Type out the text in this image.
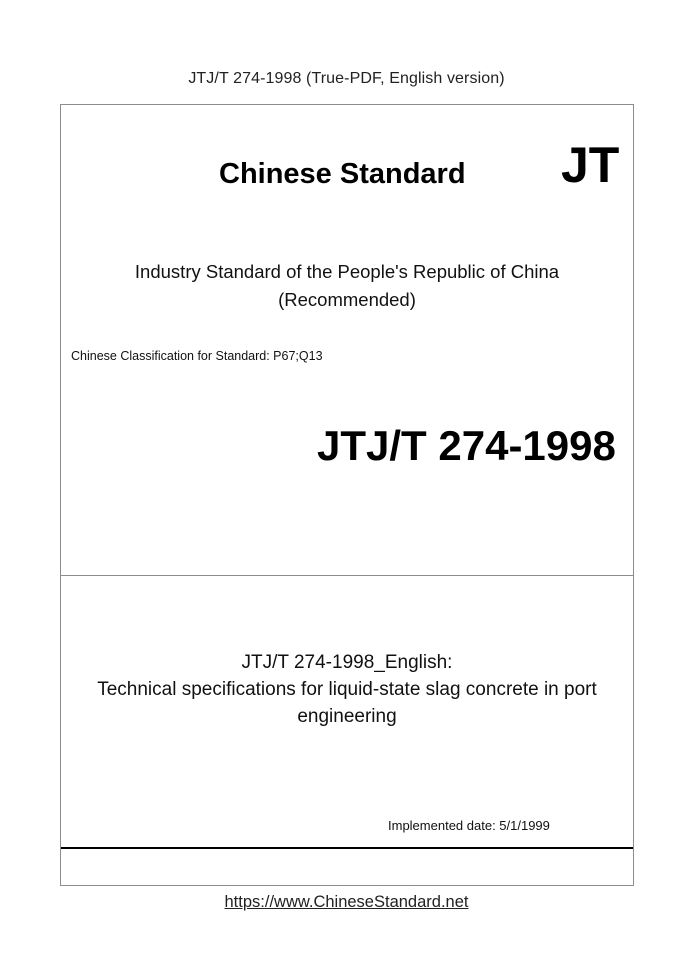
JTJ/T 274-1998 (True-PDF, English version)
Chinese Standard JT
Industry Standard of the People's Republic of China
(Recommended)
Chinese Classification for Standard: P67;Q13
JTJ/T 274-1998
JTJ/T 274-1998_English:
Technical specifications for liquid-state slag concrete in port
engineering
Implemented date: 5/1/1999
https://www.ChineseStandard.net
